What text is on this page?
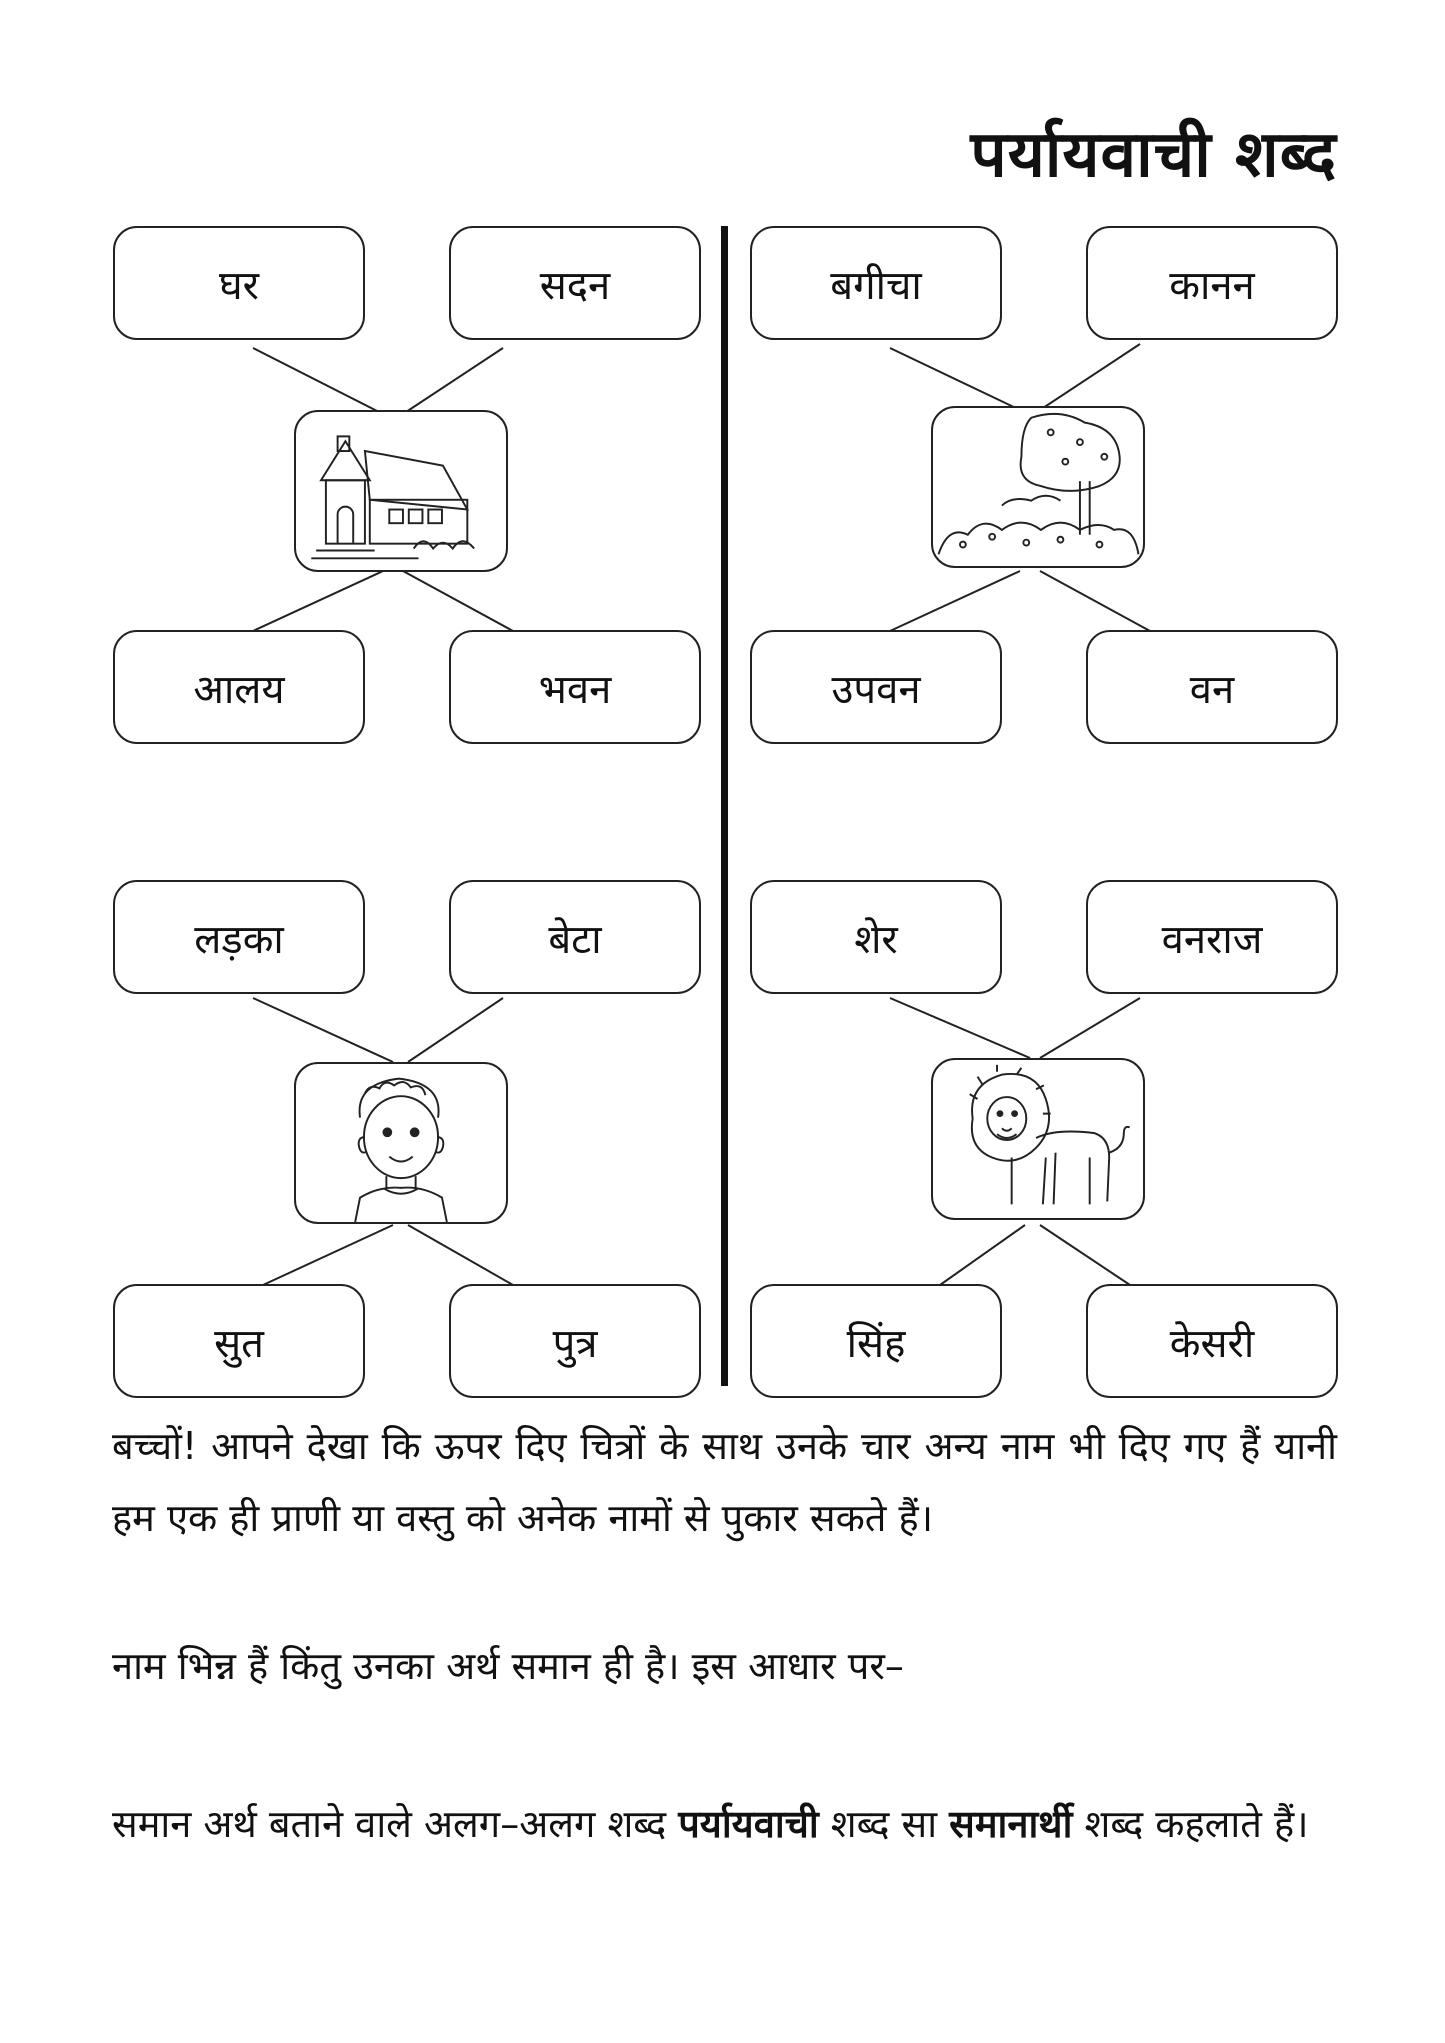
पर्यायवाची शब्द
घर	सदन
आलय	भवन
बगीचा	कानन
उपवन	वन
लड़का	बेटा
सुत	पुत्र
शेर	वनराज
सिंह	केसरी

बच्चों! आपने देखा कि ऊपर दिए चित्रों के साथ उनके चार अन्य नाम भी दिए गए हैं यानी हम एक ही प्राणी या वस्तु को अनेक नामों से पुकार सकते हैं।

नाम भिन्न हैं किंतु उनका अर्थ समान ही है। इस आधार पर–

समान अर्थ बताने वाले अलग–अलग शब्द पर्यायवाची शब्द सा समानार्थी शब्द कहलाते हैं।
